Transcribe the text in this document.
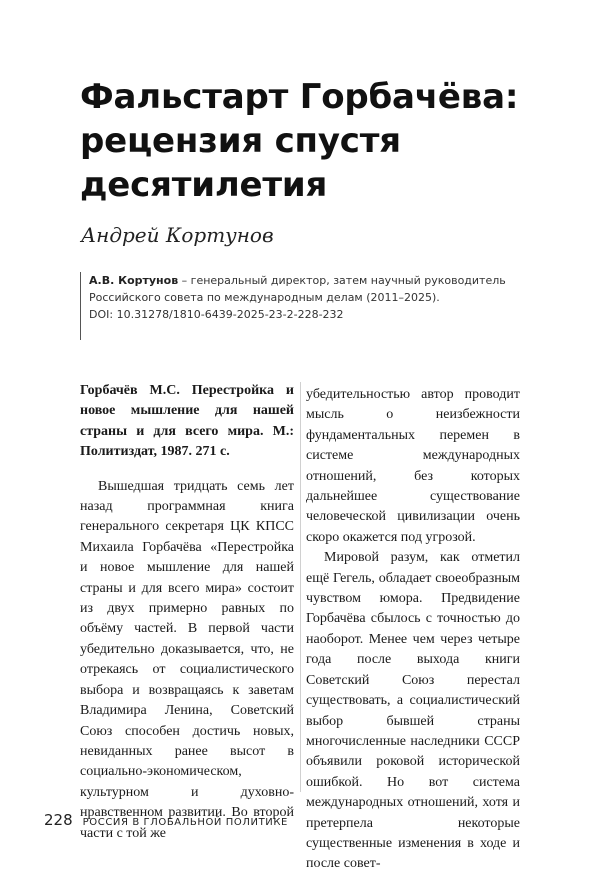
Фальстарт Горбачёва: рецензия спустя десятилетия
Андрей Кортунов

А.В. Кортунов – генеральный директор, затем научный руководитель Российского совета по международным делам (2011–2025).

DOI: 10.31278/1810-6439-2025-23-2-228-232

Горбачёв М.С. Перестройка и новое мышление для нашей страны и для всего мира. М.: Политиздат, 1987. 271 с.

Вышедшая тридцать семь лет назад программная книга генерального секретаря ЦК КПСС Михаила Горбачёва «Перестройка и новое мышление для нашей страны и для всего мира» состоит из двух примерно равных по объёму частей. В первой части убедительно доказывается, что, не отрекаясь от социалистического выбора и возвращаясь к заветам Владимира Ленина, Советский Союз способен достичь новых, невиданных ранее высот в социально-экономическом, культурном и духовно-нравственном развитии. Во второй части с той же

убедительностью автор проводит мысль о неизбежности фундаментальных перемен в системе международных отношений, без которых дальнейшее существование человеческой цивилизации очень скоро окажется под угрозой.

Мировой разум, как отметил ещё Гегель, обладает своеобразным чувством юмора. Предвидение Горбачёва сбылось с точностью до наоборот. Менее чем через четыре года после выхода книги Советский Союз перестал существовать, а социалистический выбор бывшей страны многочисленные наследники СССР объявили роковой исторической ошибкой. Но вот система международных отношений, хотя и претерпела некоторые существенные изменения в ходе и после совет-

228 РОССИЯ В ГЛОБАЛЬНОЙ ПОЛИТИКЕ
